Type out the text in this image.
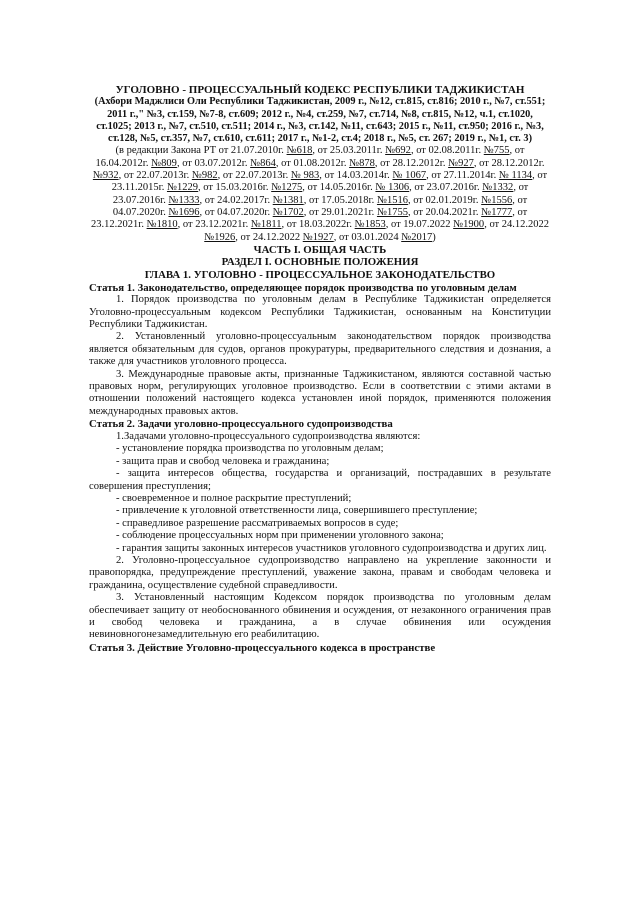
УГОЛОВНО - ПРОЦЕССУАЛЬНЫЙ КОДЕКС РЕСПУБЛИКИ ТАДЖИКИСТАН
(Ахбори Маджлиси Оли Республики Таджикистан, 2009 г., №12, ст.815, ст.816; 2010 г., №7, ст.551; 2011 г.," №3, ст.159, №7-8, ст.609; 2012 г., №4, ст.259, №7, ст.714, №8, ст.815, №12, ч.1, ст.1020, ст.1025; 2013 г., №7, ст.510, ст.511; 2014 г., №3, ст.142, №11, ст.643; 2015 г., №11, ст.950; 2016 г., №3, ст.128, №5, ст.357, №7, ст.610, ст.611; 2017 г., №1-2, ст.4; 2018 г., №5, ст. 267; 2019 г., №1, ст. 3)
(в редакции Закона РТ от 21.07.2010г. №618, от 25.03.2011г. №692, от 02.08.2011г. №755, от 16.04.2012г. №809, от 03.07.2012г. №864, от 01.08.2012г. №878, от 28.12.2012г. №927, от 28.12.2012г. №932, от 22.07.2013г. №982, от 22.07.2013г. № 983, от 14.03.2014г. № 1067, от 27.11.2014г. № 1134, от 23.11.2015г. №1229, от 15.03.2016г. №1275, от 14.05.2016г. № 1306, от 23.07.2016г. №1332, от 23.07.2016г. №1333, от 24.02.2017г. №1381, от 17.05.2018г. №1516, от 02.01.2019г. №1556, от 04.07.2020г. №1696, от 04.07.2020г. №1702, от 29.01.2021г. №1755, от 20.04.2021г. №1777, от 23.12.2021г. №1810, от 23.12.2021г. №1811, от 18.03.2022г. №1853, от 19.07.2022 №1900, от 24.12.2022 №1926, от 24.12.2022 №1927, от 03.01.2024 №2017)
ЧАСТЬ I. ОБЩАЯ ЧАСТЬ
РАЗДЕЛ I. ОСНОВНЫЕ ПОЛОЖЕНИЯ
ГЛАВА 1. УГОЛОВНО - ПРОЦЕССУАЛЬНОЕ ЗАКОНОДАТЕЛЬСТВО
Статья 1. Законодательство, определяющее порядок производства по уголовным делам

1. Порядок производства по уголовным делам в Республике Таджикистан определяется Уголовно-процессуальным кодексом Республики Таджикистан, основанным на Конституции Республики Таджикистан.

2. Установленный уголовно-процессуальным законодательством порядок производства является обязательным для судов, органов прокуратуры, предварительного следствия и дознания, а также для участников уголовного процесса.

3. Международные правовые акты, признанные Таджикистаном, являются составной частью правовых норм, регулирующих уголовное производство. Если в соответствии с этими актами в отношении положений настоящего кодекса установлен иной порядок, применяются положения международных правовых актов.

Статья 2. Задачи уголовно-процессуального судопроизводства

1.Задачами уголовно-процессуального судопроизводства являются:

- установление порядка производства по уголовным делам;

- защита прав и свобод человека и гражданина;

- защита интересов общества, государства и организаций, пострадавших в результате совершения преступления;

- своевременное и полное раскрытие преступлений;

- привлечение к уголовной ответственности лица, совершившего преступление;

- справедливое разрешение рассматриваемых вопросов в суде;

- соблюдение процессуальных норм при применении уголовного закона;

- гарантия защиты законных интересов участников уголовного судопроизводства и других лиц.

2. Уголовно-процессуальное судопроизводство направлено на укрепление законности и правопорядка, предупреждение преступлений, уважение закона, правам и свободам человека и гражданина, осуществление судебной справедливости.

3. Установленный настоящим Кодексом порядок производства по уголовным делам обеспечивает защиту от необоснованного обвинения и осуждения, от незаконного ограничения прав и свобод человека и гражданина, а в случае обвинения или осуждения невиновногонезамедлительную его реабилитацию.

Статья 3. Действие Уголовно-процессуального кодекса в пространстве
